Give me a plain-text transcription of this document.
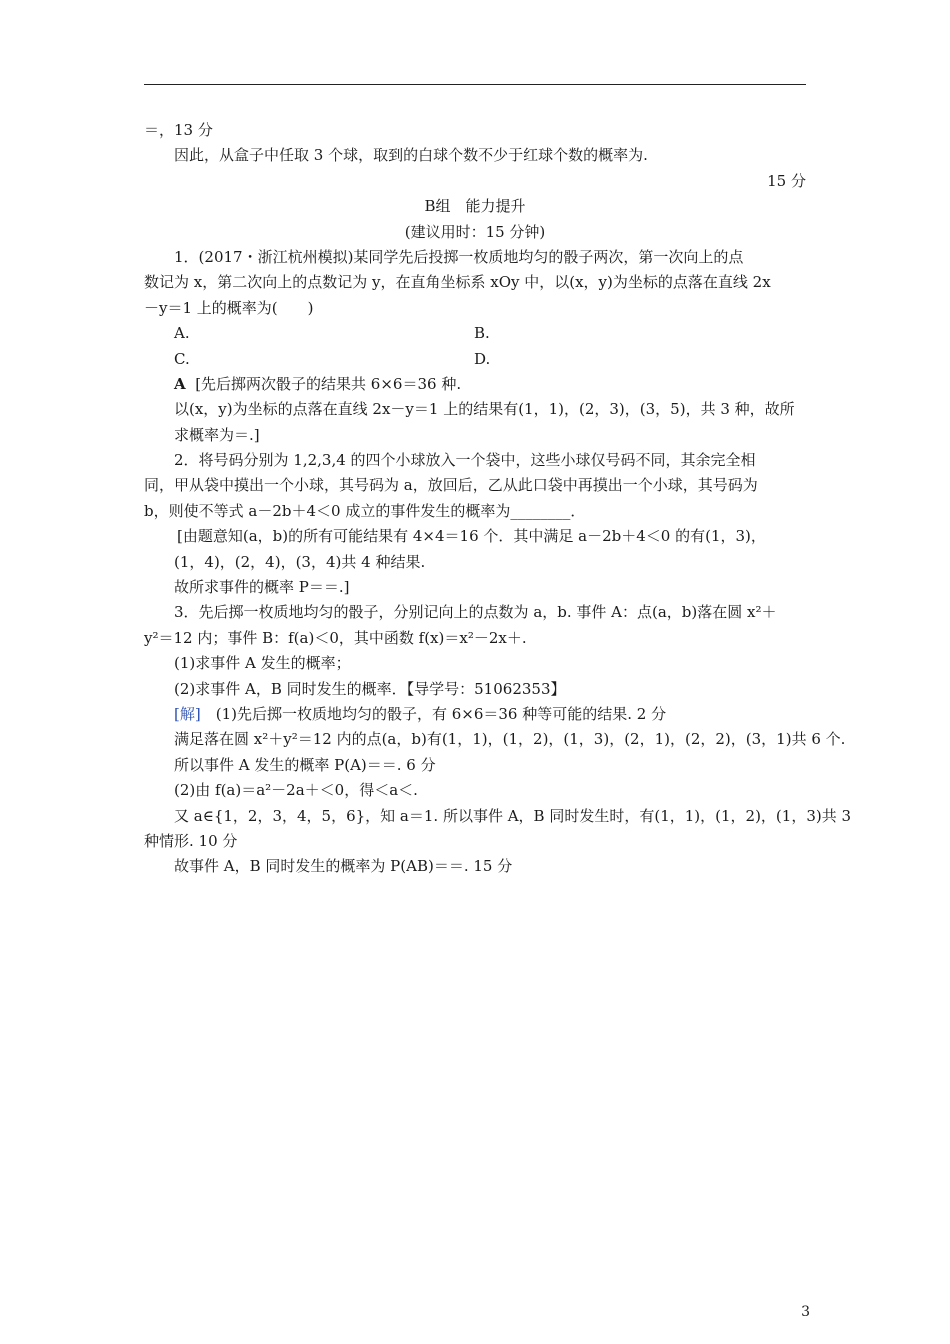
＝，13 分
因此，从盒子中任取 3 个球，取到的白球个数不少于红球个数的概率为.
15 分
B组　能力提升
(建议用时：15 分钟)
1．(2017・浙江杭州模拟)某同学先后投掷一枚质地均匀的骰子两次，第一次向上的点
数记为 x，第二次向上的点数记为 y，在直角坐标系 xOy 中，以(x，y)为坐标的点落在直线 2x
－y＝1 上的概率为(　　)
A.	B.
C.	D.
A [先后掷两次骰子的结果共 6×6＝36 种.
以(x，y)为坐标的点落在直线 2x－y＝1 上的结果有(1，1)，(2，3)，(3，5)，共 3 种，故所
求概率为＝.]
2．将号码分别为 1,2,3,4 的四个小球放入一个袋中，这些小球仅号码不同，其余完全相
同，甲从袋中摸出一个小球，其号码为 a，放回后，乙从此口袋中再摸出一个小球，其号码为
b，则使不等式 a－2b＋4＜0 成立的事件发生的概率为________．
[由题意知(a，b)的所有可能结果有 4×4＝16 个．其中满足 a－2b＋4＜0 的有(1，3)，
(1，4)，(2，4)，(3，4)共 4 种结果.
故所求事件的概率 P＝＝.]
3．先后掷一枚质地均匀的骰子，分别记向上的点数为 a，b. 事件 A：点(a，b)落在圆 x²＋
y²＝12 内；事件 B：f(a)＜0，其中函数 f(x)＝x²－2x＋.
(1)求事件 A 发生的概率；
(2)求事件 A，B 同时发生的概率．【导学号：51062353】
[解]　(1)先后掷一枚质地均匀的骰子，有 6×6＝36 种等可能的结果. 2 分
满足落在圆 x²＋y²＝12 内的点(a，b)有(1，1)，(1，2)，(1，3)，(2，1)，(2，2)，(3，1)共 6 个.
所以事件 A 发生的概率 P(A)＝＝. 6 分
(2)由 f(a)＝a²－2a＋＜0，得＜a＜.
又 a∈{1，2，3，4，5，6}，知 a＝1. 所以事件 A，B 同时发生时，有(1，1)，(1，2)，(1，3)共 3
种情形. 10 分
故事件 A，B 同时发生的概率为 P(AB)＝＝. 15 分
3
